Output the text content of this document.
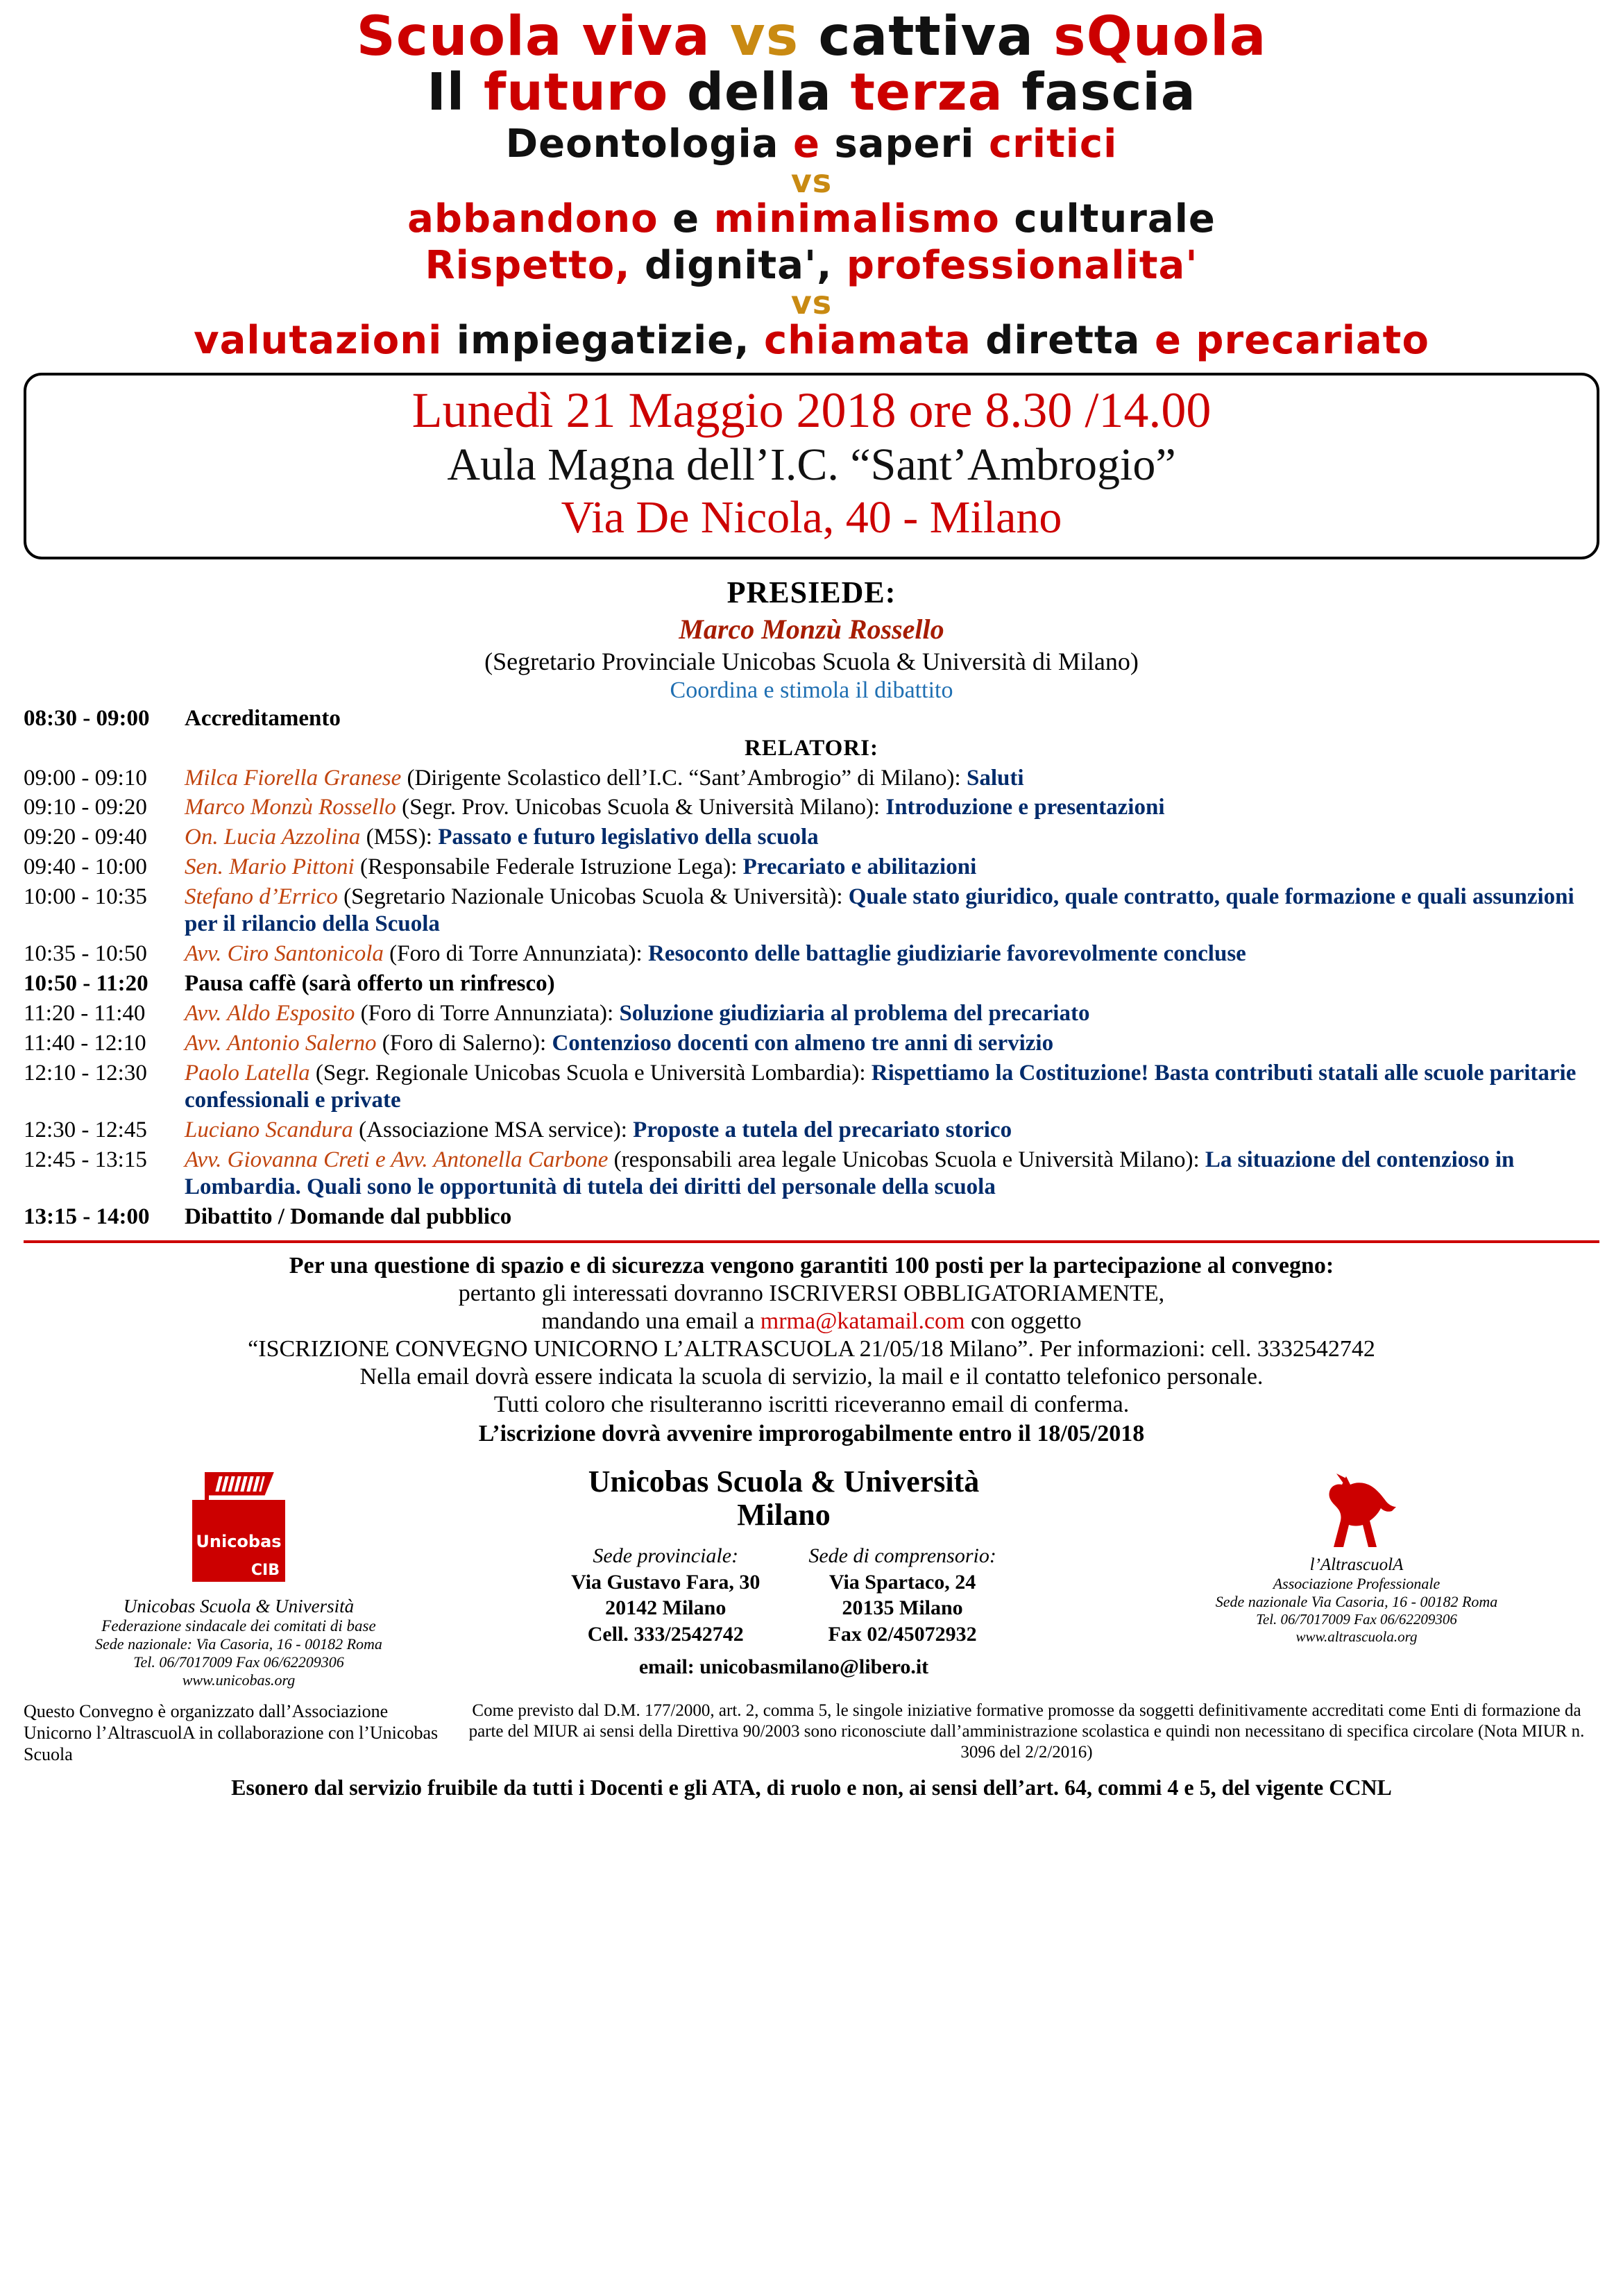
Scuola viva vs cattiva sQuola
Il futuro della terza fascia
Deontologia e saperi critici
vs
abbandono e minimalismo culturale
Rispetto, dignita', professionalita'
vs
valutazioni impiegatizie, chiamata diretta e precariato
Lunedì 21 Maggio 2018 ore 8.30 /14.00
Aula Magna dell’I.C. “Sant’Ambrogio”
Via De Nicola, 40 - Milano
PRESIEDE:
Marco Monzù Rossello
(Segretario Provinciale Unicobas Scuola & Università di Milano)
Coordina e stimola il dibattito
08:30 - 09:00	Accreditamento
RELATORI:	
09:00 - 09:10	Milca Fiorella Granese (Dirigente Scolastico dell’I.C. “Sant’Ambrogio” di Milano): Saluti
09:10 - 09:20	Marco Monzù Rossello (Segr. Prov. Unicobas Scuola & Università Milano): Introduzione e presentazioni
09:20 - 09:40	On. Lucia Azzolina (M5S): Passato e futuro legislativo della scuola
09:40 - 10:00	Sen. Mario Pittoni (Responsabile Federale Istruzione Lega): Precariato e abilitazioni
10:00 - 10:35	Stefano d’Errico (Segretario Nazionale Unicobas Scuola & Università): Quale stato giuridico, quale contratto, quale formazione e quali assunzioni per il rilancio della Scuola
10:35 - 10:50	Avv. Ciro Santonicola (Foro di Torre Annunziata): Resoconto delle battaglie giudiziarie favorevolmente concluse
10:50 - 11:20	Pausa caffè (sarà offerto un rinfresco)
11:20 - 11:40	Avv. Aldo Esposito (Foro di Torre Annunziata): Soluzione giudiziaria al problema del precariato
11:40 - 12:10	Avv. Antonio Salerno (Foro di Salerno): Contenzioso docenti con almeno tre anni di servizio
12:10 - 12:30	Paolo Latella (Segr. Regionale Unicobas Scuola e Università Lombardia): Rispettiamo la Costituzione! Basta contributi statali alle scuole paritarie confessionali e private
12:30 - 12:45	Luciano Scandura (Associazione MSA service): Proposte a tutela del precariato storico
12:45 - 13:15	Avv. Giovanna Creti e Avv. Antonella Carbone (responsabili area legale Unicobas Scuola e Università Milano): La situazione del contenzioso in Lombardia. Quali sono le opportunità di tutela dei diritti del personale della scuola
13:15 - 14:00	Dibattito / Domande dal pubblico
Per una questione di spazio e di sicurezza vengono garantiti 100 posti per la partecipazione al convegno:
pertanto gli interessati dovranno ISCRIVERSI OBBLIGATORIAMENTE,
mandando una email a mrma@katamail.com con oggetto
“ISCRIZIONE CONVEGNO UNICORNO L’ALTRASCUOLA 21/05/18 Milano”. Per informazioni: cell. 3332542742
Nella email dovrà essere indicata la scuola di servizio, la mail e il contatto telefonico personale.
Tutti coloro che risulteranno iscritti riceveranno email di conferma.
L’iscrizione dovrà avvenire improrogabilmente entro il 18/05/2018
Unicobas
CIB
Unicobas Scuola & Università
Federazione sindacale dei comitati di base
Sede nazionale: Via Casoria, 16 - 00182 Roma
Tel. 06/7017009 Fax 06/62209306
www.unicobas.org
Unicobas Scuola & Università
Milano
Sede provinciale:
Via Gustavo Fara, 30
20142 Milano
Cell. 333/2542742
Sede di comprensorio:
Via Spartaco, 24
20135 Milano
Fax 02/45072932
email: unicobasmilano@libero.it
l’AltrascuolA
Associazione Professionale
Sede nazionale Via Casoria, 16 - 00182 Roma
Tel. 06/7017009 Fax 06/62209306
www.altrascuola.org
Questo Convegno è organizzato dall’Associazione Unicorno l’AltrascuolA in collaborazione con l’Unicobas Scuola
Come previsto dal D.M. 177/2000, art. 2, comma 5, le singole iniziative formative promosse da soggetti definitivamente accreditati come Enti di formazione da parte del MIUR ai sensi della Direttiva 90/2003 sono riconosciute dall’amministrazione scolastica e quindi non necessitano di specifica circolare (Nota MIUR n. 3096 del 2/2/2016)
Esonero dal servizio fruibile da tutti i Docenti e gli ATA, di ruolo e non, ai sensi dell’art. 64, commi 4 e 5, del vigente CCNL
